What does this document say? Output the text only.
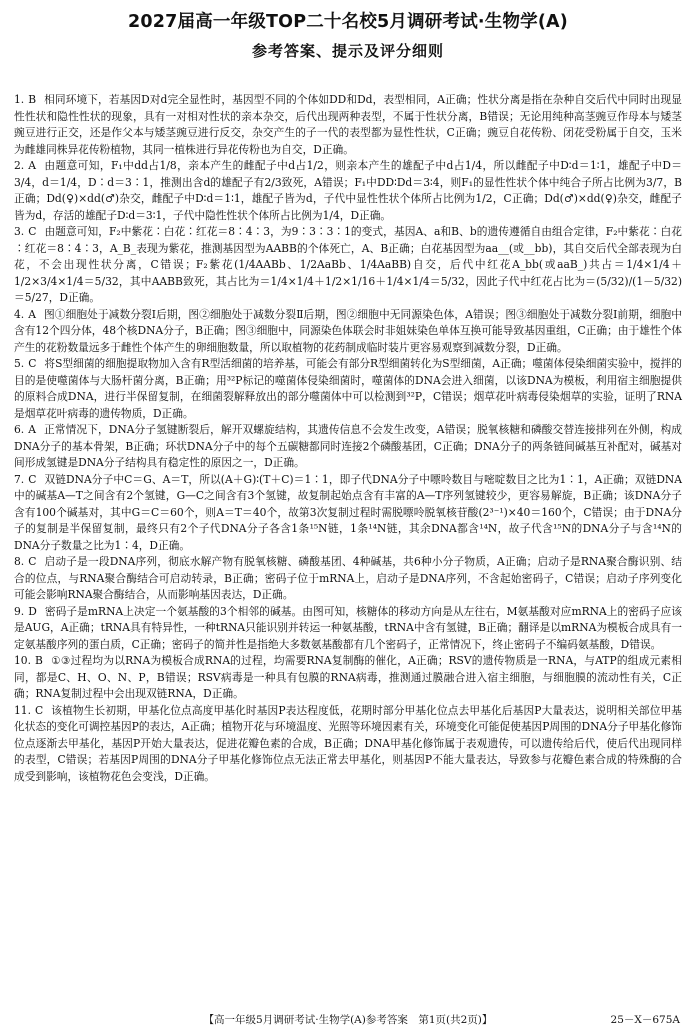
2027届高一年级TOP二十名校5月调研考试·生物学(A)
参考答案、提示及评分细则

1. B 相同环境下，若基因D对d完全显性时，基因型不同的个体如DD和Dd，表型相同，A正确；性状分离是指在杂种自交后代中同时出现显性性状和隐性性状的现象，具有一对相对性状的亲本杂交，后代出现两种表型，不属于性状分离，B错误；无论用纯种高茎豌豆作母本与矮茎豌豆进行正交，还是作父本与矮茎豌豆进行反交，杂交产生的子一代的表型都为显性性状，C正确；豌豆自花传粉、闭花受粉属于自交，玉米为雌雄同株异花传粉植物，其同一植株进行异花传粉也为自交，D正确。

2. A 由题意可知，F₁中dd占1/8，亲本产生的雌配子中d占1/2，则亲本产生的雄配子中d占1/4，所以雌配子中D∶d＝1∶1，雄配子中D＝3/4，d＝1/4，D∶d＝3∶1，推测出含d的雄配子有2/3致死，A错误；F₁中DD∶Dd＝3∶4，则F₁的显性性状个体中纯合子所占比例为3/7，B正确；Dd(♀)×dd(♂)杂交，雌配子中D∶d＝1∶1，雄配子皆为d，子代中显性性状个体所占比例为1/2，C正确；Dd(♂)×dd(♀)杂交，雌配子皆为d，存活的雄配子D∶d＝3∶1，子代中隐性性状个体所占比例为1/4，D正确。

3. C 由题意可知，F₂中紫花∶白花∶红花＝8∶4∶3，为9∶3∶3∶1的变式，基因A、a和B、b的遗传遵循自由组合定律，F₂中紫花∶白花∶红花＝8∶4∶3，A_B_表现为紫花，推测基因型为AABB的个体死亡，A、B正确；白花基因型为aa__(或__bb)，其自交后代全部表现为白花，不会出现性状分离，C错误；F₂紫花(1/4AABb、1/2AaBb、1/4AaBB)自交，后代中红花A_bb(或aaB_)共占＝1/4×1/4＋1/2×3/4×1/4＝5/32，其中AABB致死，其占比为＝1/4×1/4＋1/2×1/16＋1/4×1/4＝5/32，因此子代中红花占比为＝(5/32)/(1－5/32)＝5/27，D正确。

4. A 图①细胞处于减数分裂Ⅰ后期，图②细胞处于减数分裂Ⅱ后期，图②细胞中无同源染色体，A错误；图③细胞处于减数分裂Ⅰ前期，细胞中含有12个四分体，48个核DNA分子，B正确；图③细胞中，同源染色体联会时非姐妹染色单体互换可能导致基因重组，C正确；由于雄性个体产生的花粉数量远多于雌性个体产生的卵细胞数量，所以取植物的花药制成临时装片更容易观察到减数分裂，D正确。

5. C 将S型细菌的细胞提取物加入含有R型活细菌的培养基，可能会有部分R型细菌转化为S型细菌，A正确；噬菌体侵染细菌实验中，搅拌的目的是使噬菌体与大肠杆菌分离，B正确；用³²P标记的噬菌体侵染细菌时，噬菌体的DNA会进入细菌，以该DNA为模板，利用宿主细胞提供的原料合成DNA，进行半保留复制，在细菌裂解释放出的部分噬菌体中可以检测到³²P，C错误；烟草花叶病毒侵染烟草的实验，证明了RNA是烟草花叶病毒的遗传物质，D正确。

6. A 正常情况下，DNA分子氢键断裂后，解开双螺旋结构，其遗传信息不会发生改变，A错误；脱氧核糖和磷酸交替连接排列在外侧，构成DNA分子的基本骨架，B正确；环状DNA分子中的每个五碳糖都同时连接2个磷酸基团，C正确；DNA分子的两条链间碱基互补配对，碱基对间形成氢键是DNA分子结构具有稳定性的原因之一，D正确。

7. C 双链DNA分子中C＝G、A＝T，所以(A＋G)∶(T＋C)＝1∶1，即子代DNA分子中嘌呤数目与嘧啶数目之比为1∶1，A正确；双链DNA中的碱基A—T之间含有2个氢键，G—C之间含有3个氢键，故复制起始点含有丰富的A—T序列氢键较少，更容易解旋，B正确；该DNA分子含有100个碱基对，其中G＝C＝60个，则A＝T＝40个，故第3次复制过程时需脱嘌呤脱氧核苷酸(2³⁻¹)×40＝160个，C错误；由于DNA分子的复制是半保留复制，最终只有2个子代DNA分子各含1条¹⁵N链，1条¹⁴N链，其余DNA都含¹⁴N，故子代含¹⁵N的DNA分子与含¹⁴N的DNA分子数量之比为1∶4，D正确。

8. C 启动子是一段DNA序列，彻底水解产物有脱氧核糖、磷酸基团、4种碱基，共6种小分子物质，A正确；启动子是RNA聚合酶识别、结合的位点，与RNA聚合酶结合可启动转录，B正确；密码子位于mRNA上，启动子是DNA序列，不含起始密码子，C错误；启动子序列变化可能会影响RNA聚合酶结合，从而影响基因表达，D正确。

9. D 密码子是mRNA上决定一个氨基酸的3个相邻的碱基。由图可知，核糖体的移动方向是从左往右，M氨基酸对应mRNA上的密码子应该是AUG，A正确；tRNA具有特异性，一种tRNA只能识别并转运一种氨基酸，tRNA中含有氢键，B正确；翻译是以mRNA为模板合成具有一定氨基酸序列的蛋白质，C正确；密码子的简并性是指绝大多数氨基酸都有几个密码子，正常情况下，终止密码子不编码氨基酸，D错误。

10. B ①③过程均为以RNA为模板合成RNA的过程，均需要RNA复制酶的催化，A正确；RSV的遗传物质是一RNA，与ATP的组成元素相同，都是C、H、O、N、P，B错误；RSV病毒是一种具有包膜的RNA病毒，推测通过膜融合进入宿主细胞，与细胞膜的流动性有关，C正确；RNA复制过程中会出现双链RNA，D正确。

11. C 该植物生长初期，甲基化位点高度甲基化时基因P表达程度低，花期时部分甲基化位点去甲基化后基因P大量表达，说明相关部位甲基化状态的变化可调控基因P的表达，A正确；植物开花与环境温度、光照等环境因素有关，环境变化可能促使基因P周围的DNA分子甲基化修饰位点逐渐去甲基化，基因P开始大量表达，促进花瓣色素的合成，B正确；DNA甲基化修饰属于表观遗传，可以遗传给后代，使后代出现同样的表型，C错误；若基因P周围的DNA分子甲基化修饰位点无法正常去甲基化，则基因P不能大量表达，导致参与花瓣色素合成的特殊酶的合成受到影响，该植物花色会变浅，D正确。

【高一年级5月调研考试·生物学(A)参考答案　第1页(共2页)】	25－X－675A
